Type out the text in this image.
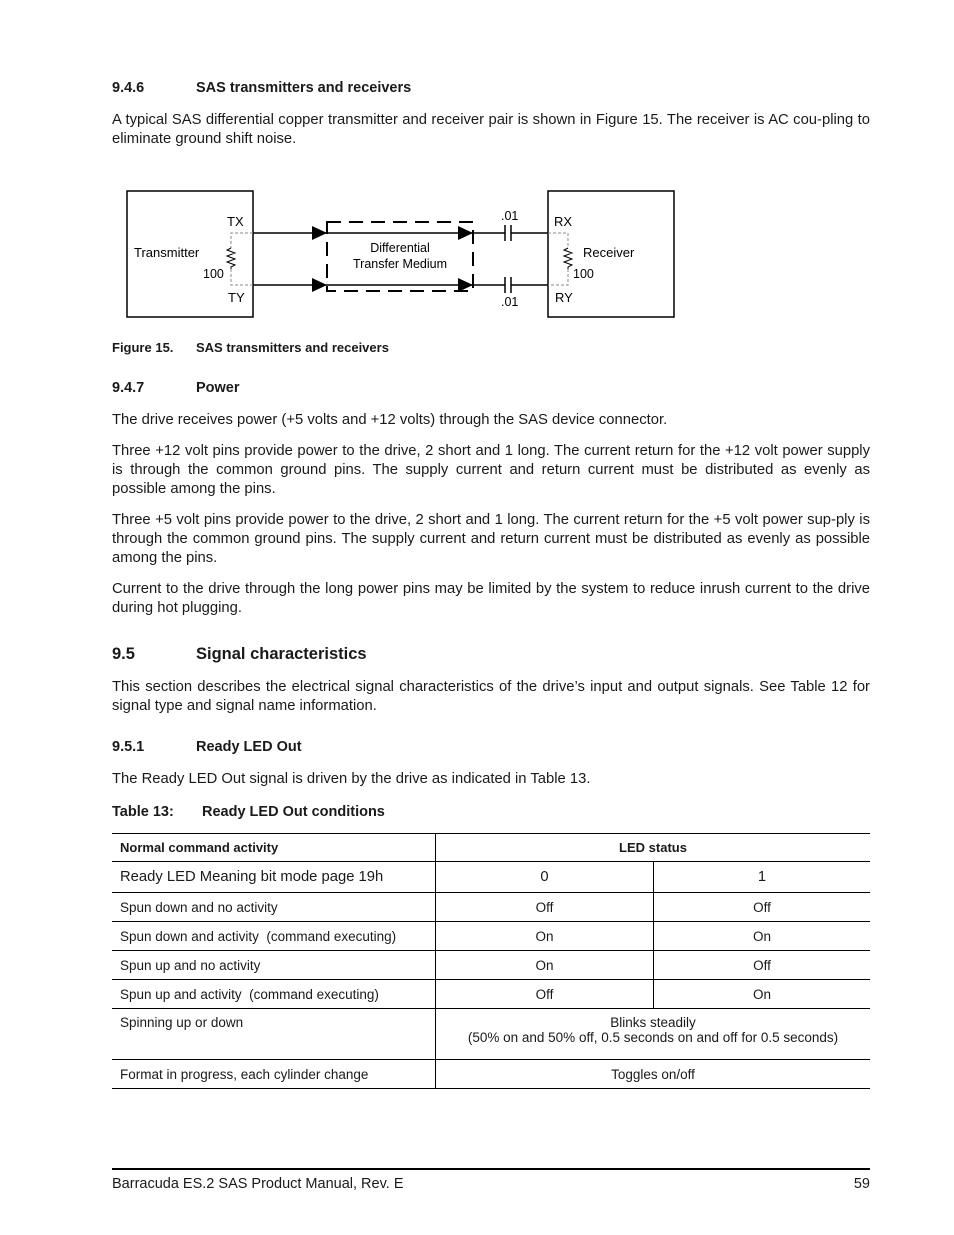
9.4.6	SAS transmitters and receivers
A typical SAS differential copper transmitter and receiver pair is shown in Figure 15. The receiver is AC cou-pling to eliminate ground shift noise.
Transmitter
TX
TY
100
Receiver
RX
RY
100
.01
.01
Differential
Transfer Medium
Figure 15. SAS transmitters and receivers
9.4.7	Power
The drive receives power (+5 volts and +12 volts) through the SAS device connector.
Three +12 volt pins provide power to the drive, 2 short and 1 long. The current return for the +12 volt power supply is through the common ground pins. The supply current and return current must be distributed as evenly as possible among the pins.
Three +5 volt pins provide power to the drive, 2 short and 1 long. The current return for the +5 volt power sup-ply is through the common ground pins. The supply current and return current must be distributed as evenly as possible among the pins.
Current to the drive through the long power pins may be limited by the system to reduce inrush current to the drive during hot plugging.
9.5	Signal characteristics
This section describes the electrical signal characteristics of the drive’s input and output signals. See Table 12 for signal type and signal name information.
9.5.1	Ready LED Out
The Ready LED Out signal is driven by the drive as indicated in Table 13.
Table 13: Ready LED Out conditions
Normal command activity	LED status	
Ready LED Meaning bit mode page 19h	0	1
Spun down and no activity	Off	Off
Spun down and activity  (command executing)	On	On
Spun up and no activity	On	Off
Spun up and activity  (command executing)	Off	On
Spinning up or down	Blinks steadily
(50% on and 50% off, 0.5 seconds on and off for 0.5 seconds)	

Format in progress, each cylinder change	Toggles on/off	
Barracuda ES.2 SAS Product Manual, Rev. E	59
